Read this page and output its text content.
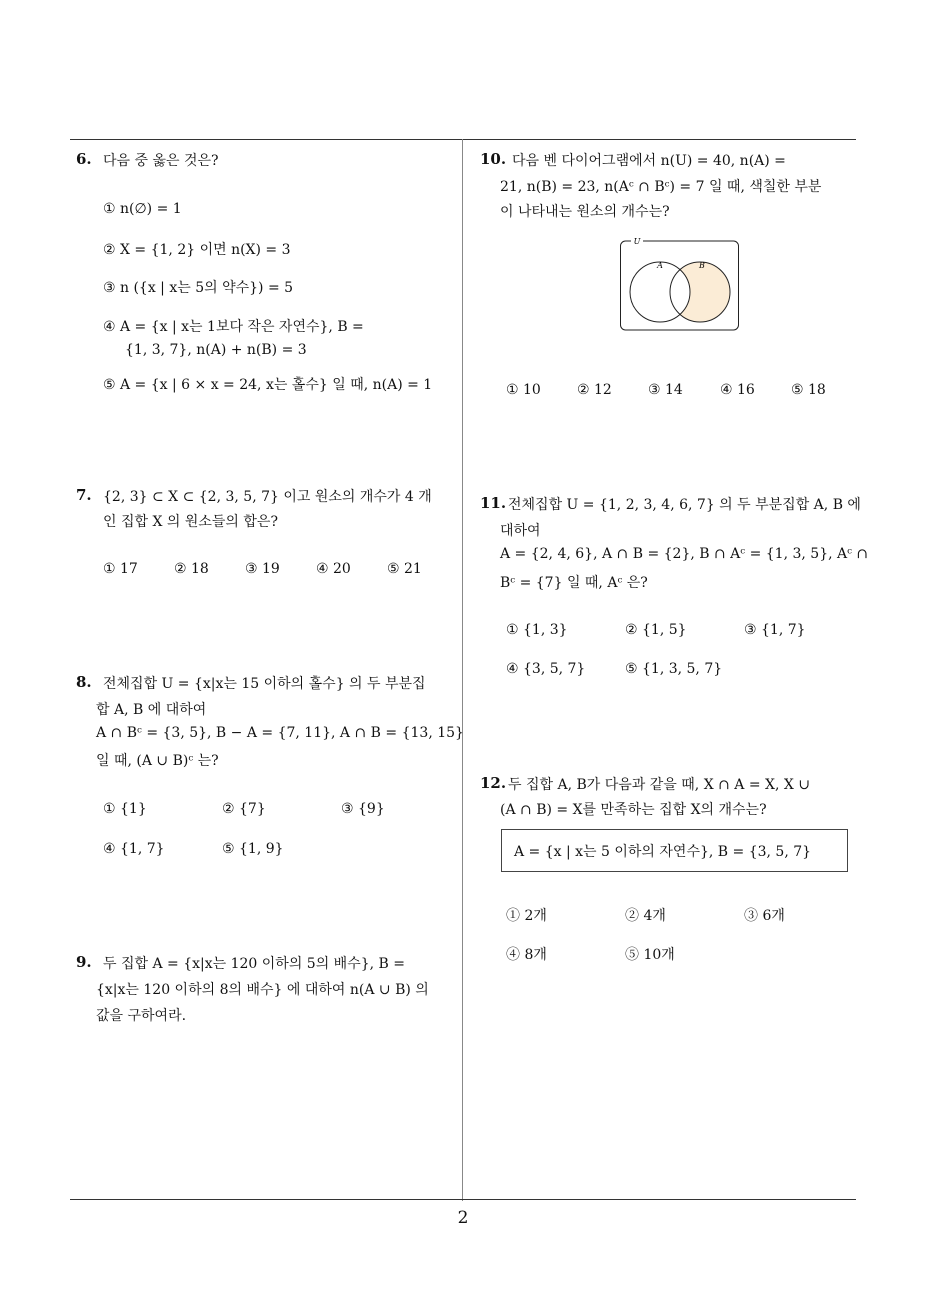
6. 다음 중 옳은 것은?
① n(∅) = 1
② X = {1, 2} 이면 n(X) = 3
③ n ({x | x는 5의 약수}) = 5
④ A = {x | x는 1보다 작은 자연수}, B =
{1, 3, 7}, n(A) + n(B) = 3
⑤ A = {x | 6 × x = 24, x는 홀수} 일 때, n(A) = 1
7. {2, 3} ⊂ X ⊂ {2, 3, 5, 7} 이고 원소의 개수가 4 개
인 집합 X 의 원소들의 합은?
① 17	② 18	③ 19	④ 20	⑤ 21
8. 전체집합 U = {x|x는 15 이하의 홀수} 의 두 부분집
합 A, B 에 대하여
A ∩ Bᶜ = {3, 5}, B − A = {7, 11}, A ∩ B = {13, 15}
일 때, (A ∪ B)ᶜ 는?
① {1}	② {7}	③ {9}
④ {1, 7}	⑤ {1, 9}
9. 두 집합 A = {x|x는 120 이하의 5의 배수}, B =
{x|x는 120 이하의 8의 배수} 에 대하여 n(A ∪ B) 의
값을 구하여라.
10. 다음 벤 다이어그램에서 n(U) = 40, n(A) =
21, n(B) = 23, n(Aᶜ ∩ Bᶜ) = 7 일 때, 색칠한 부분
이 나타내는 원소의 개수는?
U
A	B
① 10	② 12	③ 14	④ 16	⑤ 18
11. 전체집합 U = {1, 2, 3, 4, 6, 7} 의 두 부분집합 A, B 에
대하여
A = {2, 4, 6}, A ∩ B = {2}, B ∩ Aᶜ = {1, 3, 5}, Aᶜ ∩
Bᶜ = {7} 일 때, Aᶜ 은?
① {1, 3}	② {1, 5}	③ {1, 7}
④ {3, 5, 7}	⑤ {1, 3, 5, 7}
12. 두 집합 A, B가 다음과 같을 때, X ∩ A = X, X ∪
(A ∩ B) = X를 만족하는 집합 X의 개수는?
A = {x | x는 5 이하의 자연수}, B = {3, 5, 7}
① 2개	② 4개	③ 6개
④ 8개	⑤ 10개
2
